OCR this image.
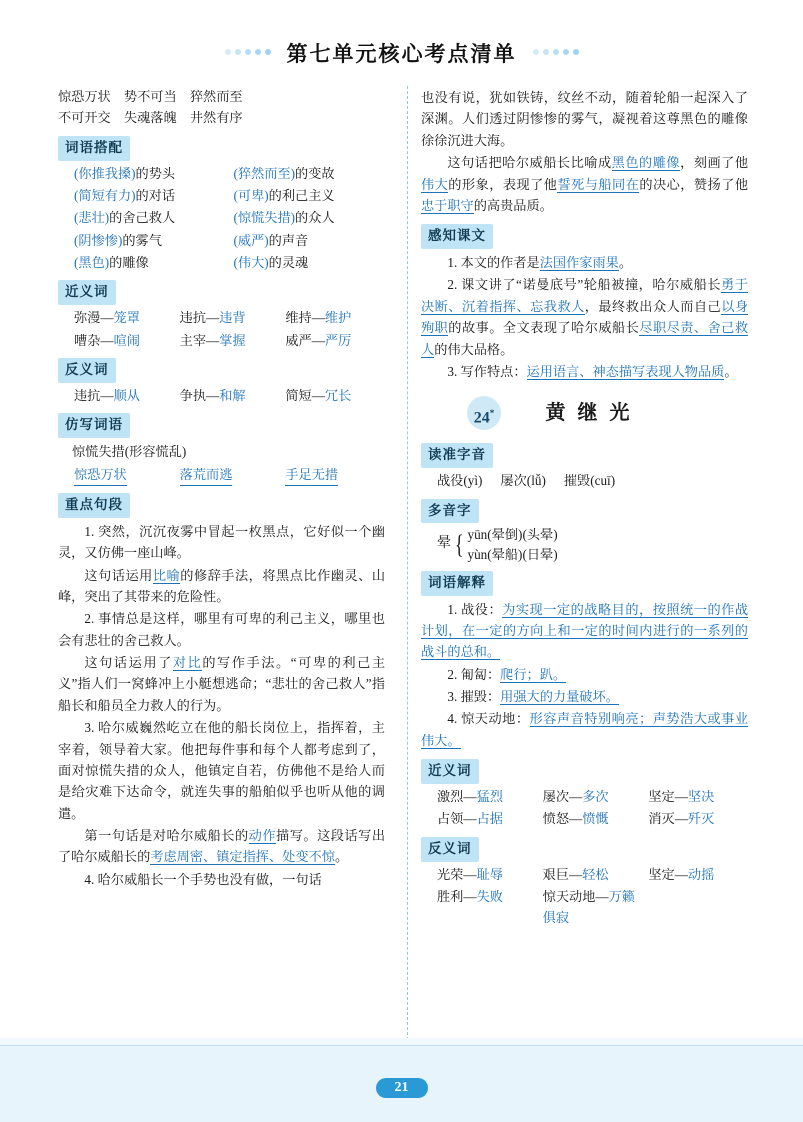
第七单元核心考点清单
惊恐万状　势不可当　猝然而至
不可开交　失魂落魄　井然有序
词语搭配
(你推我搡)的势头	(猝然而至)的变故
(简短有力)的对话	(可卑)的利己主义
(悲壮)的舍己救人	(惊慌失措)的众人
(阴惨惨)的雾气	(威严)的声音
(黑色)的雕像	(伟大)的灵魂
近义词
弥漫—笼罩	违抗—违背	维持—维护
嘈杂—喧闹	主宰—掌握	威严—严厉
反义词
违抗—顺从	争执—和解	简短—冗长
仿写词语
惊慌失措(形容慌乱)
惊恐万状	落荒而逃	手足无措
重点句段
1. 突然，沉沉夜雾中冒起一枚黑点，它好似一个幽灵，又仿佛一座山峰。
这句话运用比喻的修辞手法，将黑点比作幽灵、山峰，突出了其带来的危险性。
2. 事情总是这样，哪里有可卑的利己主义，哪里也会有悲壮的舍己救人。
这句话运用了对比的写作手法。“可卑的利己主义”指人们一窝蜂冲上小艇想逃命；“悲壮的舍己救人”指船长和船员全力救人的行为。
3. 哈尔威巍然屹立在他的船长岗位上，指挥着，主宰着，领导着大家。他把每件事和每个人都考虑到了，面对惊慌失措的众人，他镇定自若，仿佛他不是给人而是给灾难下达命令，就连失事的船舶似乎也听从他的调遣。
第一句话是对哈尔威船长的动作描写。这段话写出了哈尔威船长的考虑周密、镇定指挥、处变不惊。
4. 哈尔威船长一个手势也没有做，一句话
也没有说，犹如铁铸，纹丝不动，随着轮船一起深入了深渊。人们透过阴惨惨的雾气，凝视着这尊黑色的雕像徐徐沉进大海。
这句话把哈尔威船长比喻成黑色的雕像，刻画了他伟大的形象，表现了他誓死与船同在的决心，赞扬了他忠于职守的高贵品质。
感知课文
1. 本文的作者是法国作家雨果。
2. 课文讲了“诺曼底号”轮船被撞，哈尔威船长勇于决断、沉着指挥、忘我救人，最终救出众人而自己以身殉职的故事。全文表现了哈尔威船长尽职尽责、舍己救人的伟大品格。
3. 写作特点：运用语言、神态描写表现人物品质。
24*	黄继光
读准字音
战役(yì) 屡次(lǚ) 摧毁(cuī)
多音字
晕 { yūn(晕倒)(头晕)
yùn(晕船)(日晕)
词语解释
1. 战役：为实现一定的战略目的，按照统一的作战计划，在一定的方向上和一定的时间内进行的一系列的战斗的总和。
2. 匍匐：爬行；趴。
3. 摧毁：用强大的力量破坏。
4. 惊天动地：形容声音特别响亮；声势浩大或事业伟大。
近义词
激烈—猛烈	屡次—多次	坚定—坚决
占领—占据	愤怒—愤慨	消灭—歼灭
反义词
光荣—耻辱	艰巨—轻松	坚定—动摇
胜利—失败	惊天动地—万籁俱寂
21
